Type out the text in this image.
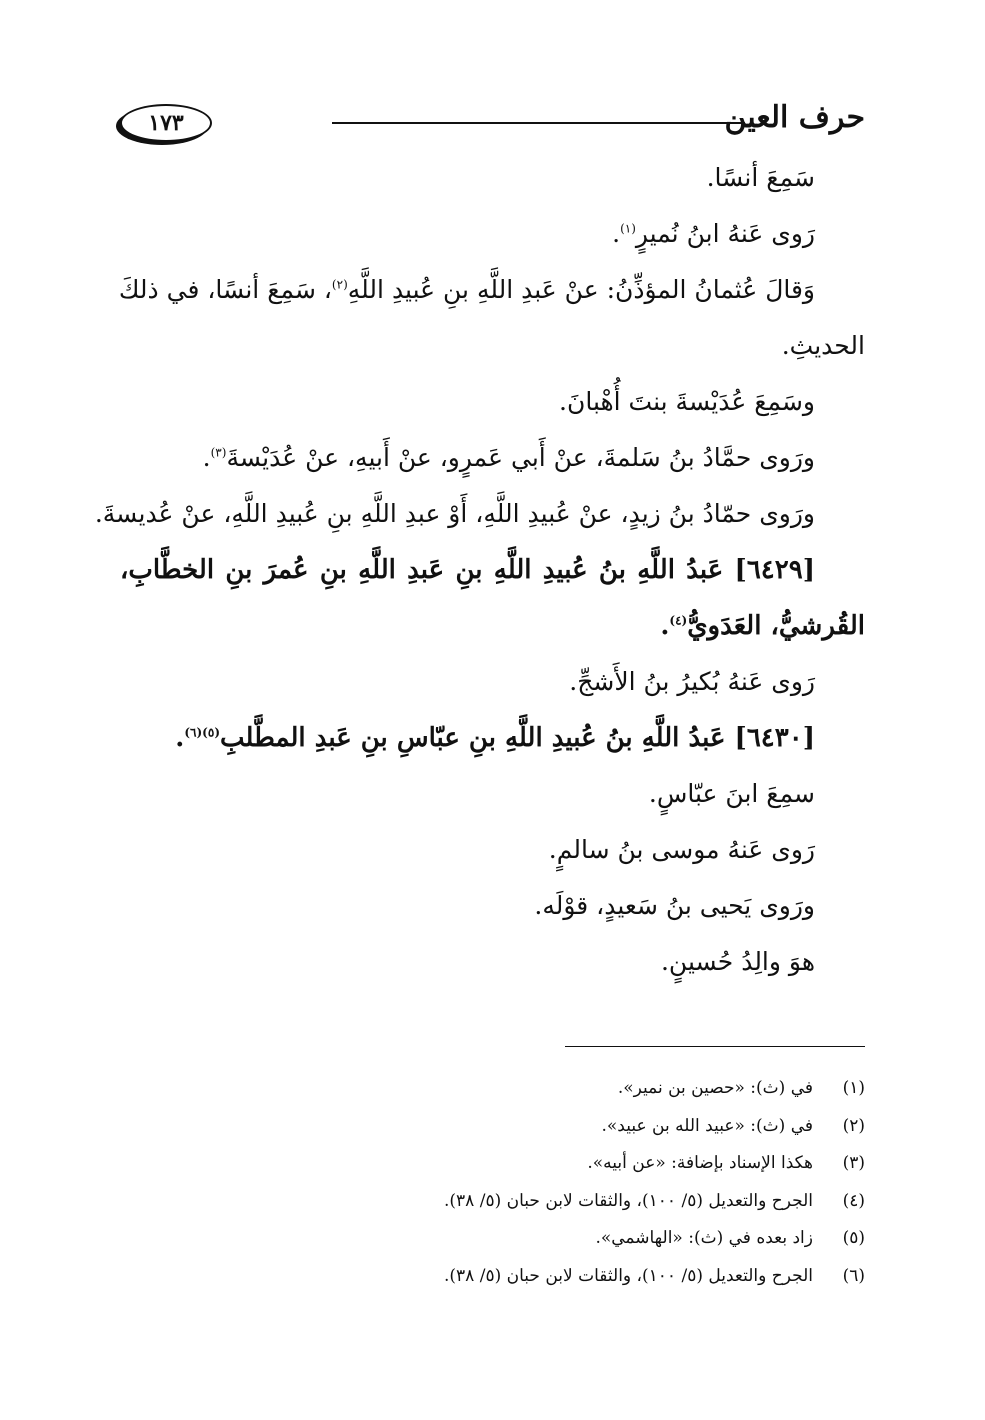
حرف العين
١٧٣
سَمِعَ أنسًا.
رَوى عَنهُ ابنُ نُميرٍ$^{(١)}$.
وَقالَ عُثمانُ المؤذِّنُ: عنْ عَبدِ اللَّهِ بنِ عُبيدِ اللَّهِ$^{(٢)}$، سَمِعَ أنسًا، في ذلكَ
الحديثِ.
وسَمِعَ عُدَيْسةَ بنتَ أُهْبانَ.
ورَوى حمَّادُ بنُ سَلمةَ، عنْ أَبي عَمرٍو، عنْ أَبيهِ، عنْ عُدَيْسةَ$^{(٣)}$.
ورَوى حمّادُ بنُ زيدٍ، عنْ عُبيدِ اللَّهِ، أَوْ عبدِ اللَّهِ بنِ عُبيدِ اللَّهِ، عنْ عُديسةَ.
[٦٤٢٩] عَبدُ اللَّهِ بنُ عُبيدِ اللَّهِ بنِ عَبدِ اللَّهِ بنِ عُمرَ بنِ الخطَّابِ،
القُرشيُّ، العَدَويُّ$^{(٤)}$.
رَوى عَنهُ بُكيرُ بنُ الأَشجِّ.
[٦٤٣٠] عَبدُ اللَّهِ بنُ عُبيدِ اللَّهِ بنِ عبّاسِ بنِ عَبدِ المطَّلبِ$^{(٥)(٦)}$.
سمِعَ ابنَ عبّاسٍ.
رَوى عَنهُ موسى بنُ سالمٍ.
ورَوى يَحيى بنُ سَعيدٍ، قوْلَه.
هوَ والِدُ حُسينٍ.
(١)
في (ث): «حصين بن نمير».
(٢)
في (ث): «عبيد الله بن عبيد».
(٣)
هكذا الإسناد بإضافة: «عن أبيه».
(٤)
الجرح والتعديل (٥/ ١٠٠)، والثقات لابن حبان (٥/ ٣٨).
(٥)
زاد بعده في (ث): «الهاشمي».
(٦)
الجرح والتعديل (٥/ ١٠٠)، والثقات لابن حبان (٥/ ٣٨).
